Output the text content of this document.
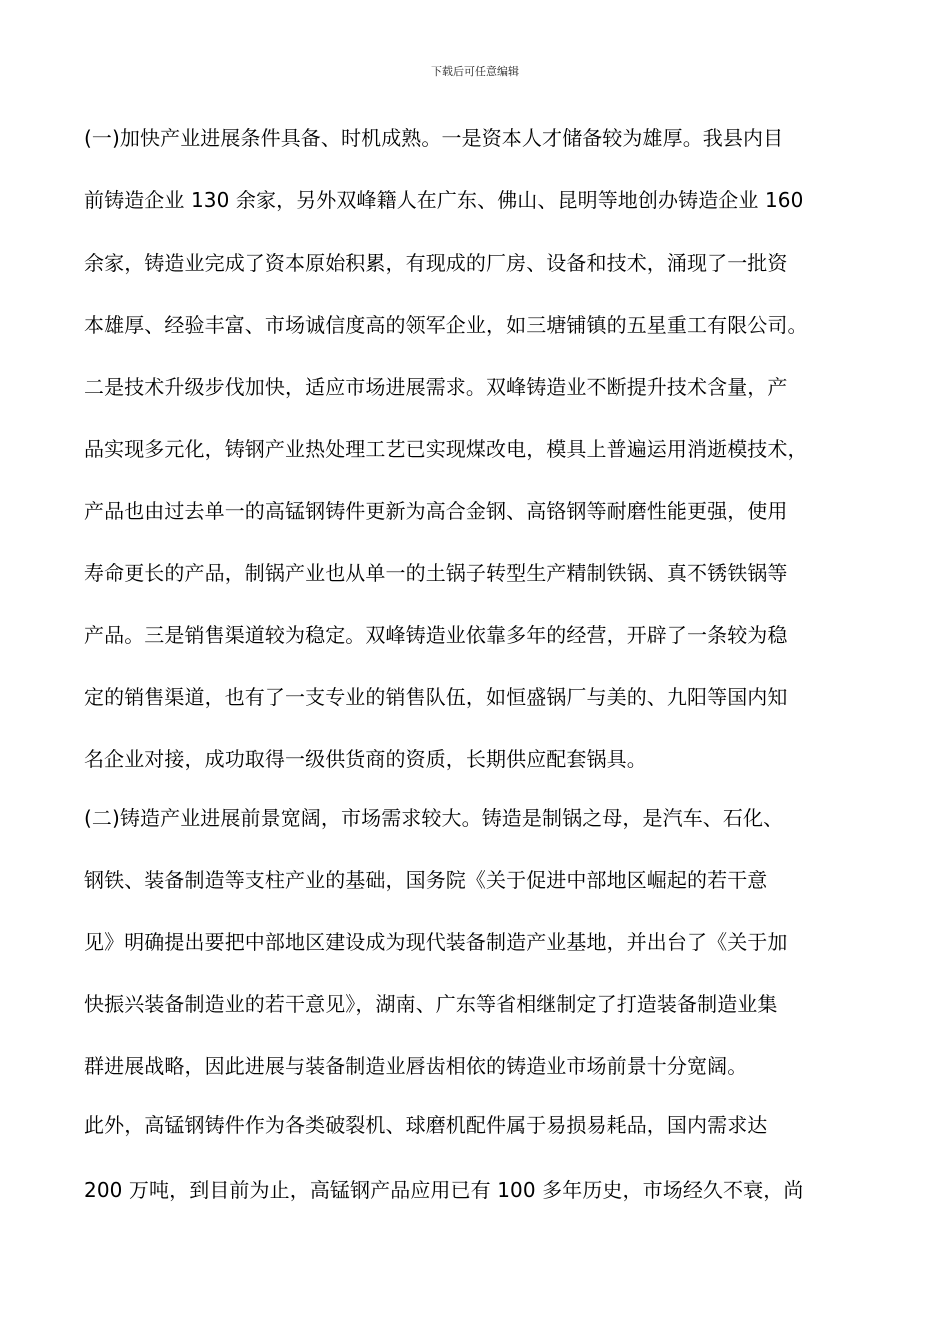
下载后可任意编辑
(一)加快产业进展条件具备、时机成熟。一是资本人才储备较为雄厚。我县内目
前铸造企业 130 余家，另外双峰籍人在广东、佛山、昆明等地创办铸造企业 160
余家，铸造业完成了资本原始积累，有现成的厂房、设备和技术，涌现了一批资
本雄厚、经验丰富、市场诚信度高的领军企业，如三塘铺镇的五星重工有限公司。
二是技术升级步伐加快，适应市场进展需求。双峰铸造业不断提升技术含量，产
品实现多元化，铸钢产业热处理工艺已实现煤改电，模具上普遍运用消逝模技术，
产品也由过去单一的高锰钢铸件更新为高合金钢、高铬钢等耐磨性能更强，使用
寿命更长的产品，制锅产业也从单一的土锅子转型生产精制铁锅、真不锈铁锅等
产品。三是销售渠道较为稳定。双峰铸造业依靠多年的经营，开辟了一条较为稳
定的销售渠道，也有了一支专业的销售队伍，如恒盛锅厂与美的、九阳等国内知
名企业对接，成功取得一级供货商的资质，长期供应配套锅具。
(二)铸造产业进展前景宽阔，市场需求较大。铸造是制锅之母，是汽车、石化、
钢铁、装备制造等支柱产业的基础，国务院《关于促进中部地区崛起的若干意
见》明确提出要把中部地区建设成为现代装备制造产业基地，并出台了《关于加
快振兴装备制造业的若干意见》，湖南、广东等省相继制定了打造装备制造业集
群进展战略，因此进展与装备制造业唇齿相依的铸造业市场前景十分宽阔。
此外，高锰钢铸件作为各类破裂机、球磨机配件属于易损易耗品，国内需求达
200 万吨，到目前为止，高锰钢产品应用已有 100 多年历史，市场经久不衰，尚
